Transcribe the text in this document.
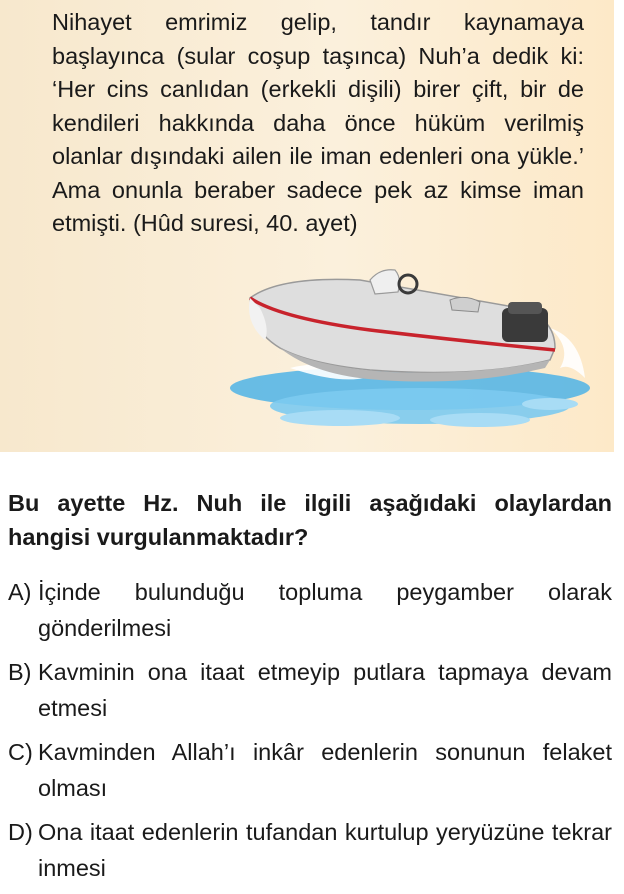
Nihayet emrimiz gelip, tandır kaynamaya başlayınca (sular coşup taşınca) Nuh’a dedik ki: ‘Her cins canlıdan (erkekli dişili) birer çift, bir de kendileri hakkında daha önce hüküm verilmiş olanlar dışındaki ailen ile iman edenleri ona yükle.’ Ama onunla beraber sadece pek az kimse iman etmişti. (Hûd suresi, 40. ayet)

Bu ayette Hz. Nuh ile ilgili aşağıdaki olaylardan hangisi vurgulanmaktadır?

A) İçinde bulunduğu topluma peygamber olarak gönderilmesi
B) Kavminin ona itaat etmeyip putlara tapmaya devam etmesi
C) Kavminden Allah’ı inkâr edenlerin sonunun felaket olması
D) Ona itaat edenlerin tufandan kurtulup yeryüzüne tekrar inmesi
